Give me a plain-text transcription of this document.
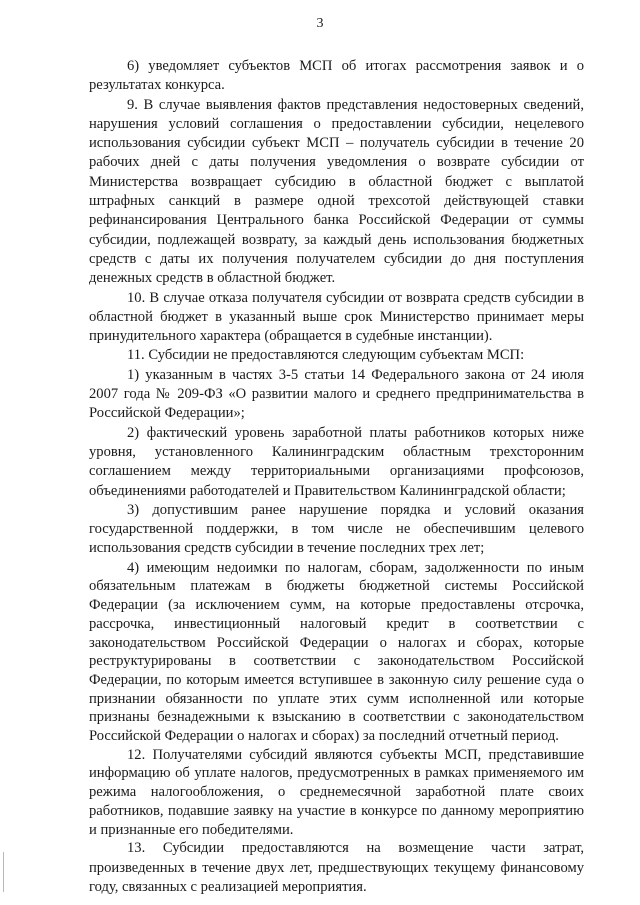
3

6) уведомляет субъектов МСП об итогах рассмотрения заявок и о результатах конкурса.

9. В случае выявления фактов представления недостоверных сведений, нарушения условий соглашения о предоставлении субсидии, нецелевого использования субсидии субъект МСП – получатель субсидии в течение 20 рабочих дней с даты получения уведомления о возврате субсидии от Министерства возвращает субсидию в областной бюджет с выплатой штрафных санкций в размере одной трехсотой действующей ставки рефинансирования Центрального банка Российской Федерации от суммы субсидии, подлежащей возврату, за каждый день использования бюджетных средств с даты их получения получателем субсидии до дня поступления денежных средств в областной бюджет.

10. В случае отказа получателя субсидии от возврата средств субсидии в областной бюджет в указанный выше срок Министерство принимает меры принудительного характера (обращается в судебные инстанции).

11. Субсидии не предоставляются следующим субъектам МСП:

1) указанным в частях 3-5 статьи 14 Федерального закона от 24 июля 2007 года № 209-ФЗ «О развитии малого и среднего предпринимательства в Российской Федерации»;

2) фактический уровень заработной платы работников которых ниже уровня, установленного Калининградским областным трехсторонним соглашением между территориальными организациями профсоюзов, объединениями работодателей и Правительством Калининградской области;

3) допустившим ранее нарушение порядка и условий оказания государственной поддержки, в том числе не обеспечившим целевого использования средств субсидии в течение последних трех лет;

4) имеющим недоимки по налогам, сборам, задолженности по иным обязательным платежам в бюджеты бюджетной системы Российской Федерации (за исключением сумм, на которые предоставлены отсрочка, рассрочка, инвестиционный налоговый кредит в соответствии с законодательством Российской Федерации о налогах и сборах, которые реструктурированы в соответствии с законодательством Российской Федерации, по которым имеется вступившее в законную силу решение суда о признании обязанности по уплате этих сумм исполненной или которые признаны безнадежными к взысканию в соответствии с законодательством Российской Федерации о налогах и сборах) за последний отчетный период.

12. Получателями субсидий являются субъекты МСП, представившие информацию об уплате налогов, предусмотренных в рамках применяемого им режима налогообложения, о среднемесячной заработной плате своих работников, подавшие заявку на участие в конкурсе по данному мероприятию и признанные его победителями.

13. Субсидии предоставляются на возмещение части затрат, произведенных в течение двух лет, предшествующих текущему финансовому году, связанных с реализацией мероприятия.
